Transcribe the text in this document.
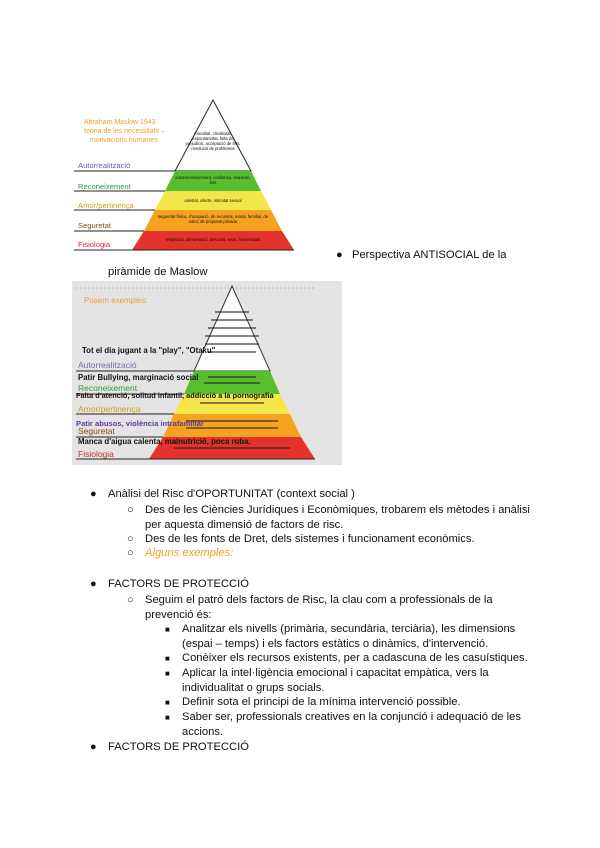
Abraham Maslow 1943 teoria de les necessitats – motivacions humanes
Autorrealització
Reconeixement
Amor/pertinença
Seguretat
Fisiologia
moralitat, creativitat, espontaneïtat, falta de prejudicis, acceptació de fets, resolució de problemes
autoreconeixement, confiança, respecte, èxit
amistat, afecte, intimitat sexual
seguretat física, d'ocupació, de recursos, moral, familiar, de salut, de propietat privada
respiració, alimentació, descans, sexe, homeòstasi
● Perspectiva ANTISOCIAL de la

piràmide de Maslow

Posem exemples:
Autorrealització
Reconeixement
Amor/pertinença
Seguretat
Fisiologia
Tot el dia jugant a la "play", "Otaku"
Patir Bullying, marginació social
Falta d'atenció, solitud infantil, addicció a la pornografia
Patir abusos, violència intrafamiliar
Manca d'aigua calenta, malnutrició, poca roba.
● Anàlisi del Risc d'OPORTUNITAT (context social )

○ Des de les Ciències Jurídiques i Econòmiques, trobarem els mètodes i anàlisi per aquesta dimensió de factors de risc.

○ Des de les fonts de Dret, dels sistemes i funcionament econòmics.

○ Alguns exemples:

● FACTORS DE PROTECCIÓ

○ Seguim el patró dels factors de Risc, la clau com a professionals de la prevenció és:

■ Analitzar els nivells (primària, secundària, terciària), les dimensions (espai – temps) i els factors estàtics o dinàmics, d'intervenció.

■ Conèixer els recursos existents, per a cadascuna de les casuístiques.

■ Aplicar la intel·ligència emocional i capacitat empàtica, vers la individualitat o grups socials.

■ Definir sota el principi de la mínima intervenció possible.

■ Saber ser, professionals creatives en la conjunció i adequació de les accions.

● FACTORS DE PROTECCIÓ
